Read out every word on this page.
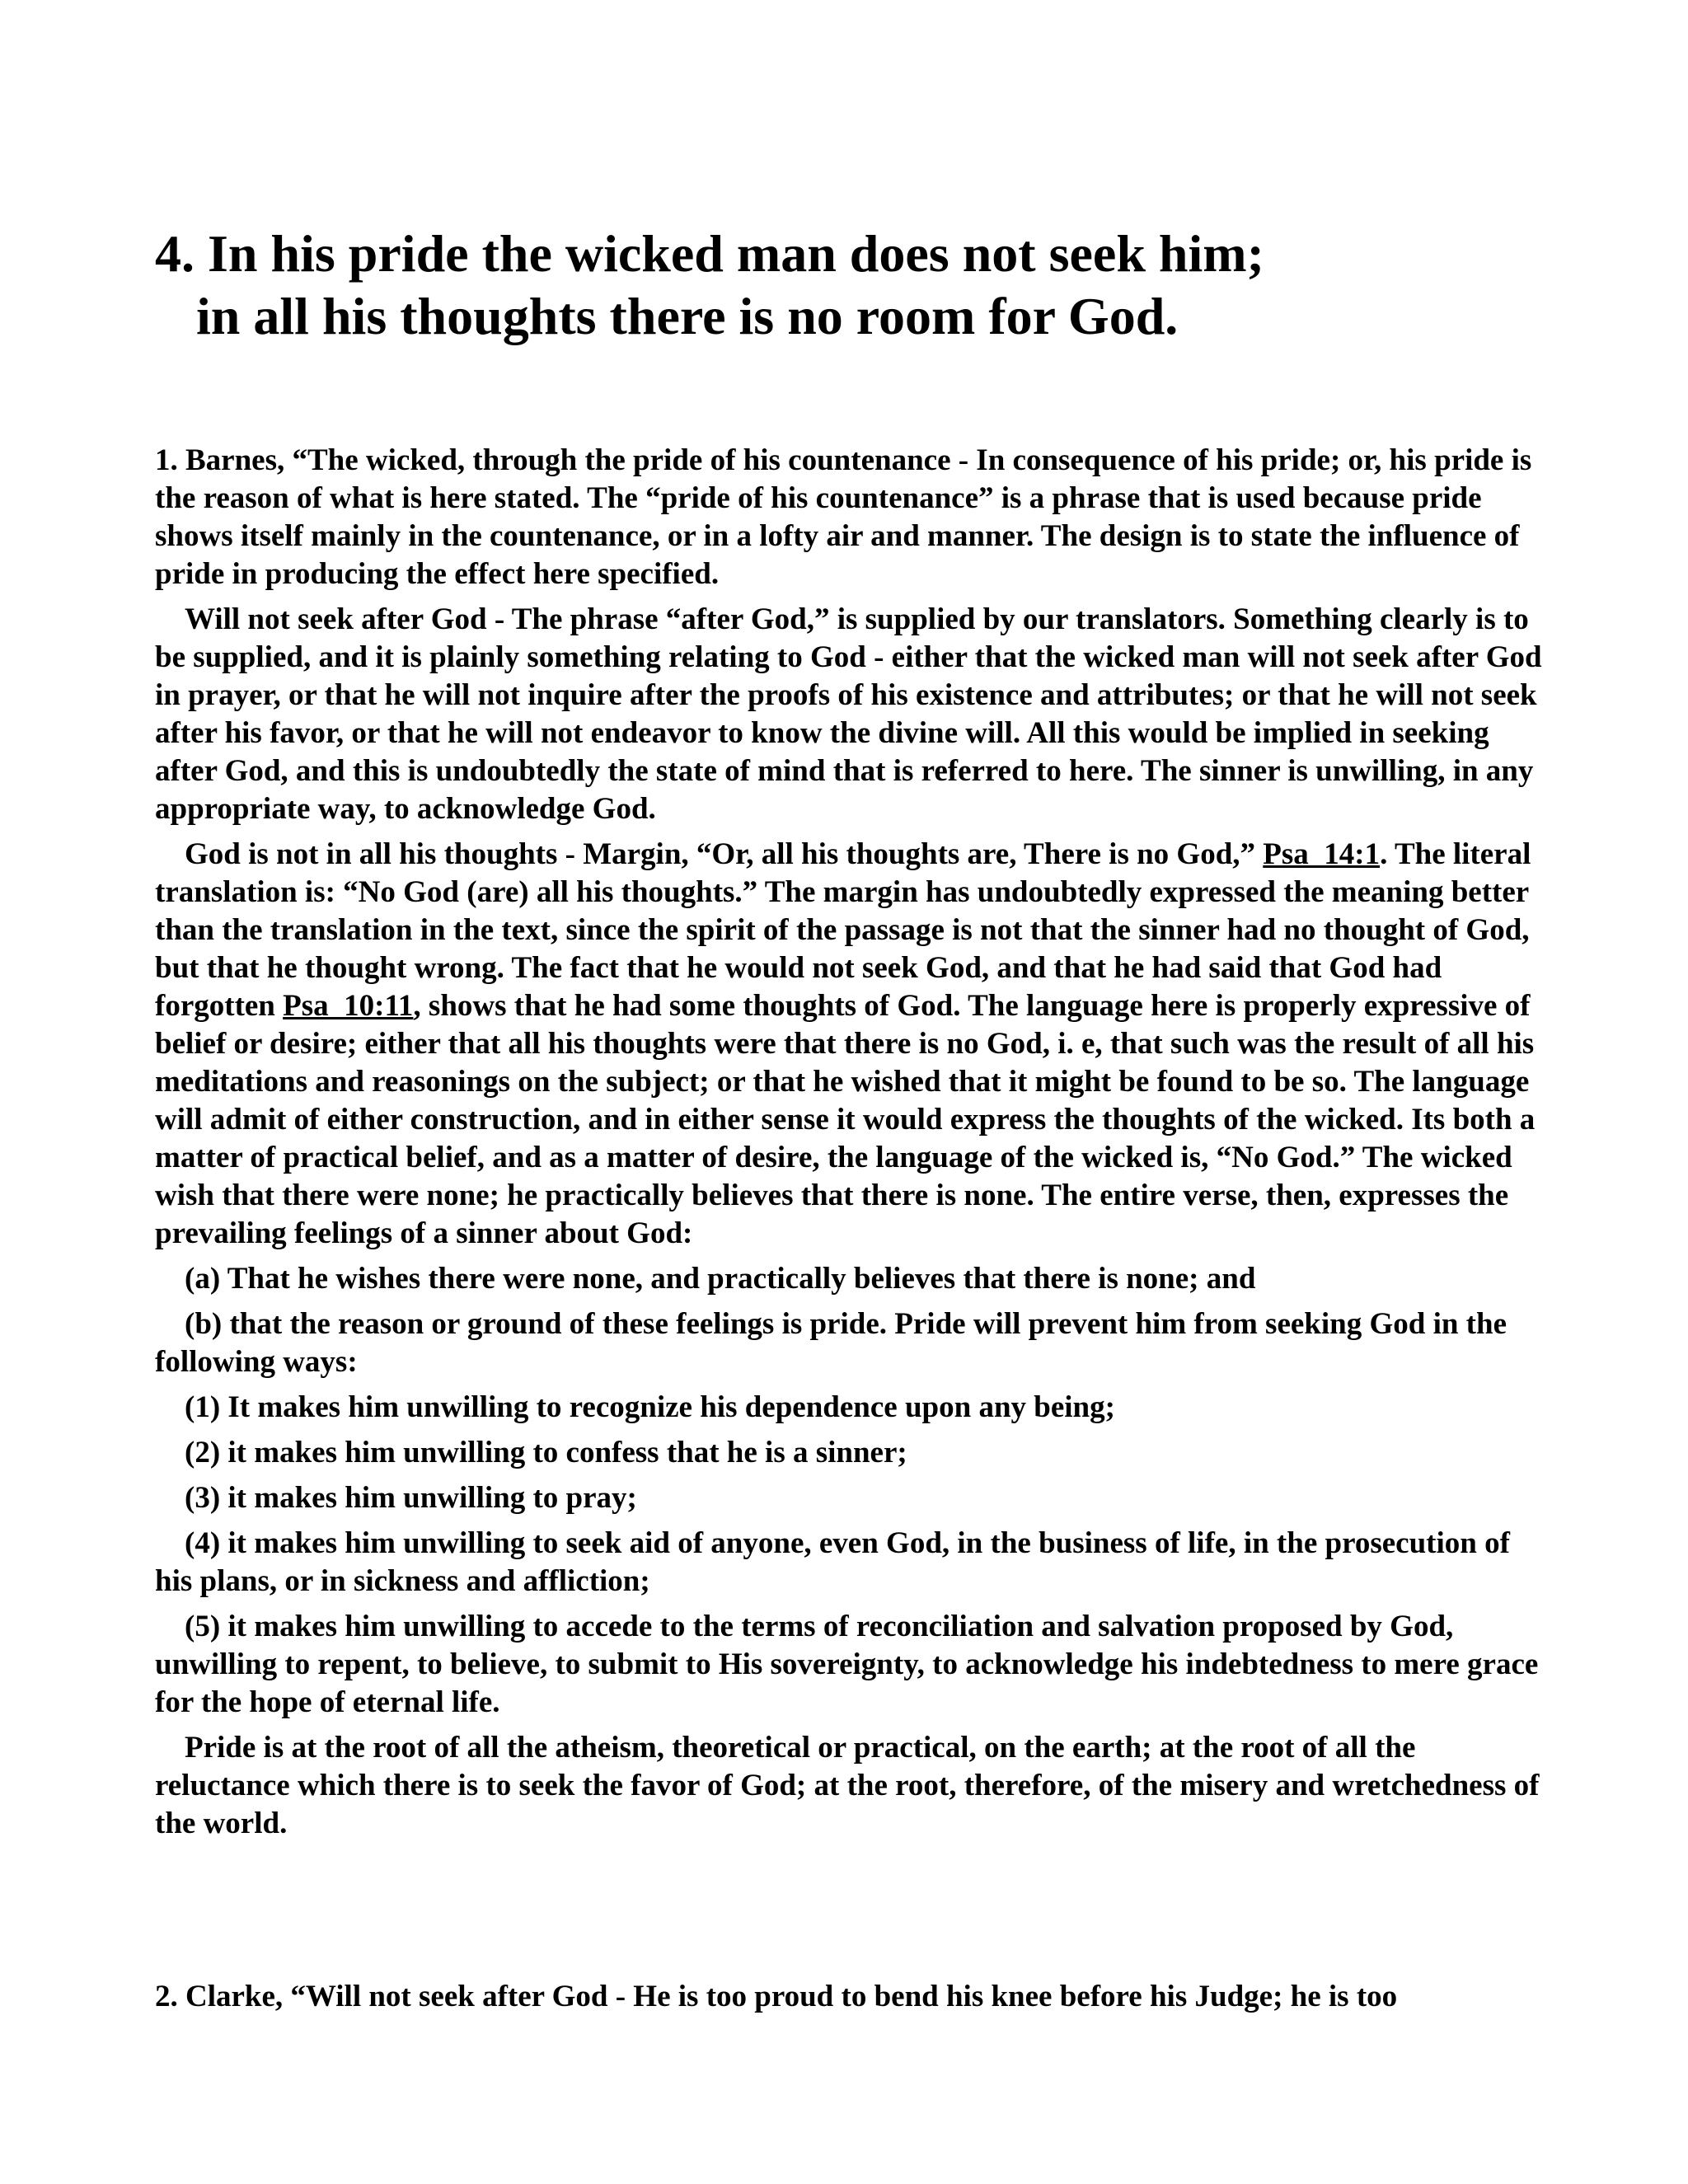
4. In his pride the wicked man does not seek him;
in all his thoughts there is no room for God.

1. Barnes, “The wicked, through the pride of his countenance - In consequence of his pride; or, his pride is the reason of what is here stated. The “pride of his countenance” is a phrase that is used because pride shows itself mainly in the countenance, or in a lofty air and manner. The design is to state the influence of pride in producing the effect here specified.

Will not seek after God - The phrase “after God,” is supplied by our translators. Something clearly is to be supplied, and it is plainly something relating to God - either that the wicked man will not seek after God in prayer, or that he will not inquire after the proofs of his existence and attributes; or that he will not seek after his favor, or that he will not endeavor to know the divine will. All this would be implied in seeking after God, and this is undoubtedly the state of mind that is referred to here. The sinner is unwilling, in any appropriate way, to acknowledge God.

God is not in all his thoughts - Margin, “Or, all his thoughts are, There is no God,” Psa_14:1. The literal translation is: “No God (are) all his thoughts.” The margin has undoubtedly expressed the meaning better than the translation in the text, since the spirit of the passage is not that the sinner had no thought of God, but that he thought wrong. The fact that he would not seek God, and that he had said that God had forgotten Psa_10:11, shows that he had some thoughts of God. The language here is properly expressive of belief or desire; either that all his thoughts were that there is no God, i. e, that such was the result of all his meditations and reasonings on the subject; or that he wished that it might be found to be so. The language will admit of either construction, and in either sense it would express the thoughts of the wicked. Its both a matter of practical belief, and as a matter of desire, the language of the wicked is, “No God.” The wicked wish that there were none; he practically believes that there is none. The entire verse, then, expresses the prevailing feelings of a sinner about God:

(a) That he wishes there were none, and practically believes that there is none; and

(b) that the reason or ground of these feelings is pride. Pride will prevent him from seeking God in the following ways:

(1) It makes him unwilling to recognize his dependence upon any being;

(2) it makes him unwilling to confess that he is a sinner;

(3) it makes him unwilling to pray;

(4) it makes him unwilling to seek aid of anyone, even God, in the business of life, in the prosecution of his plans, or in sickness and affliction;

(5) it makes him unwilling to accede to the terms of reconciliation and salvation proposed by God, unwilling to repent, to believe, to submit to His sovereignty, to acknowledge his indebtedness to mere grace for the hope of eternal life.

Pride is at the root of all the atheism, theoretical or practical, on the earth; at the root of all the reluctance which there is to seek the favor of God; at the root, therefore, of the misery and wretchedness of the world.

2. Clarke, “Will not seek after God - He is too proud to bend his knee before his Judge; he is too
